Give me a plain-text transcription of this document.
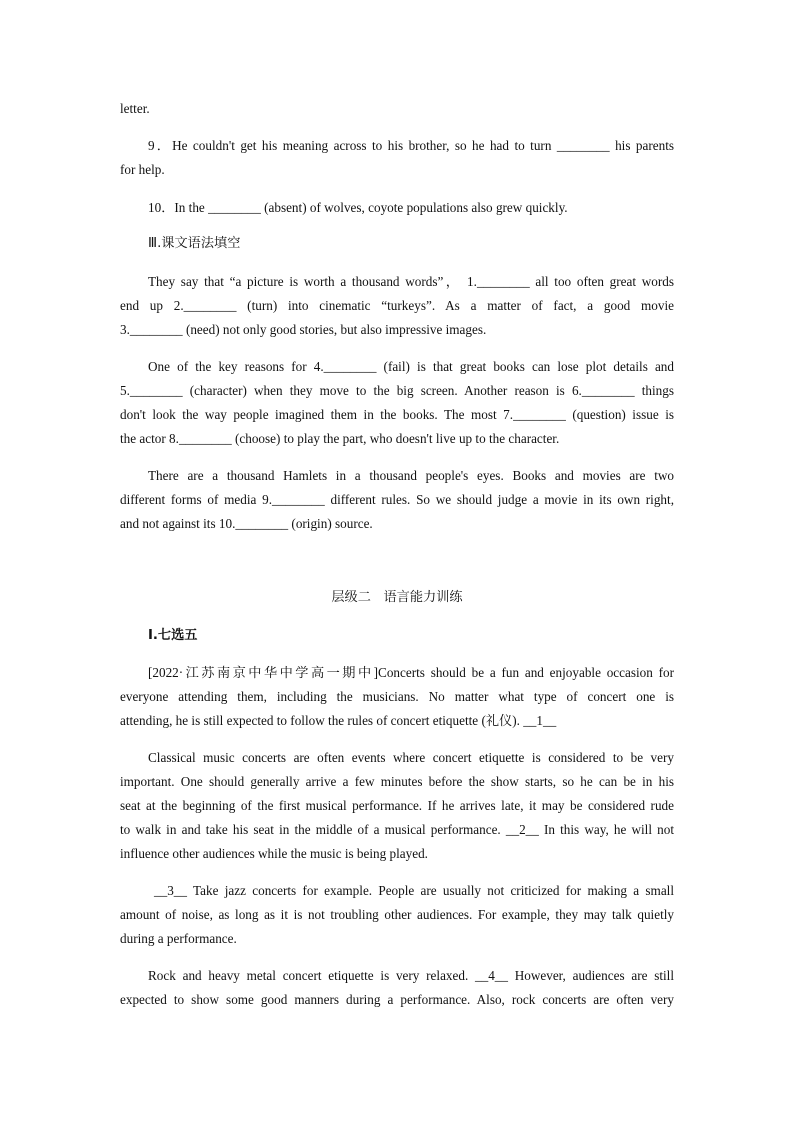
letter.
9．He couldn't get his meaning across to his brother, so he had to turn ________ his parents
for help.
10．In the ________ (absent) of wolves, coyote populations also grew quickly.
Ⅲ.课文语法填空
They say that “a picture is worth a thousand words”， 1.________ all too often great words
end up 2.________ (turn) into cinematic “turkeys”. As a matter of fact, a good movie
3.________ (need) not only good stories, but also impressive images.
One of the key reasons for 4.________ (fail) is that great books can lose plot details and
5.________ (character) when they move to the big screen. Another reason is 6.________ things
don't look the way people imagined them in the books. The most 7.________ (question) issue is
the actor 8.________ (choose) to play the part, who doesn't live up to the character.
There are a thousand Hamlets in a thousand people's eyes. Books and movies are two
different forms of media 9.________ different rules. So we should judge a movie in its own right,
and not against its 10.________ (origin) source.
层级二   语言能力训练
Ⅰ.七选五
[2022·江苏南京中华中学高一期中]Concerts should be a fun and enjoyable occasion for
everyone attending them, including the musicians. No matter what type of concert one is
attending, he is still expected to follow the rules of concert etiquette (礼仪). __1__
Classical music concerts are often events where concert etiquette is considered to be very
important. One should generally arrive a few minutes before the show starts, so he can be in his
seat at the beginning of the first musical performance. If he arrives late, it may be considered rude
to walk in and take his seat in the middle of a musical performance. __2__ In this way, he will not
influence other audiences while the music is being played.
__3__ Take jazz concerts for example. People are usually not criticized for making a small
amount of noise, as long as it is not troubling other audiences. For example, they may talk quietly
during a performance.
Rock and heavy metal concert etiquette is very relaxed. __4__ However, audiences are still
expected to show some good manners during a performance. Also, rock concerts are often very
